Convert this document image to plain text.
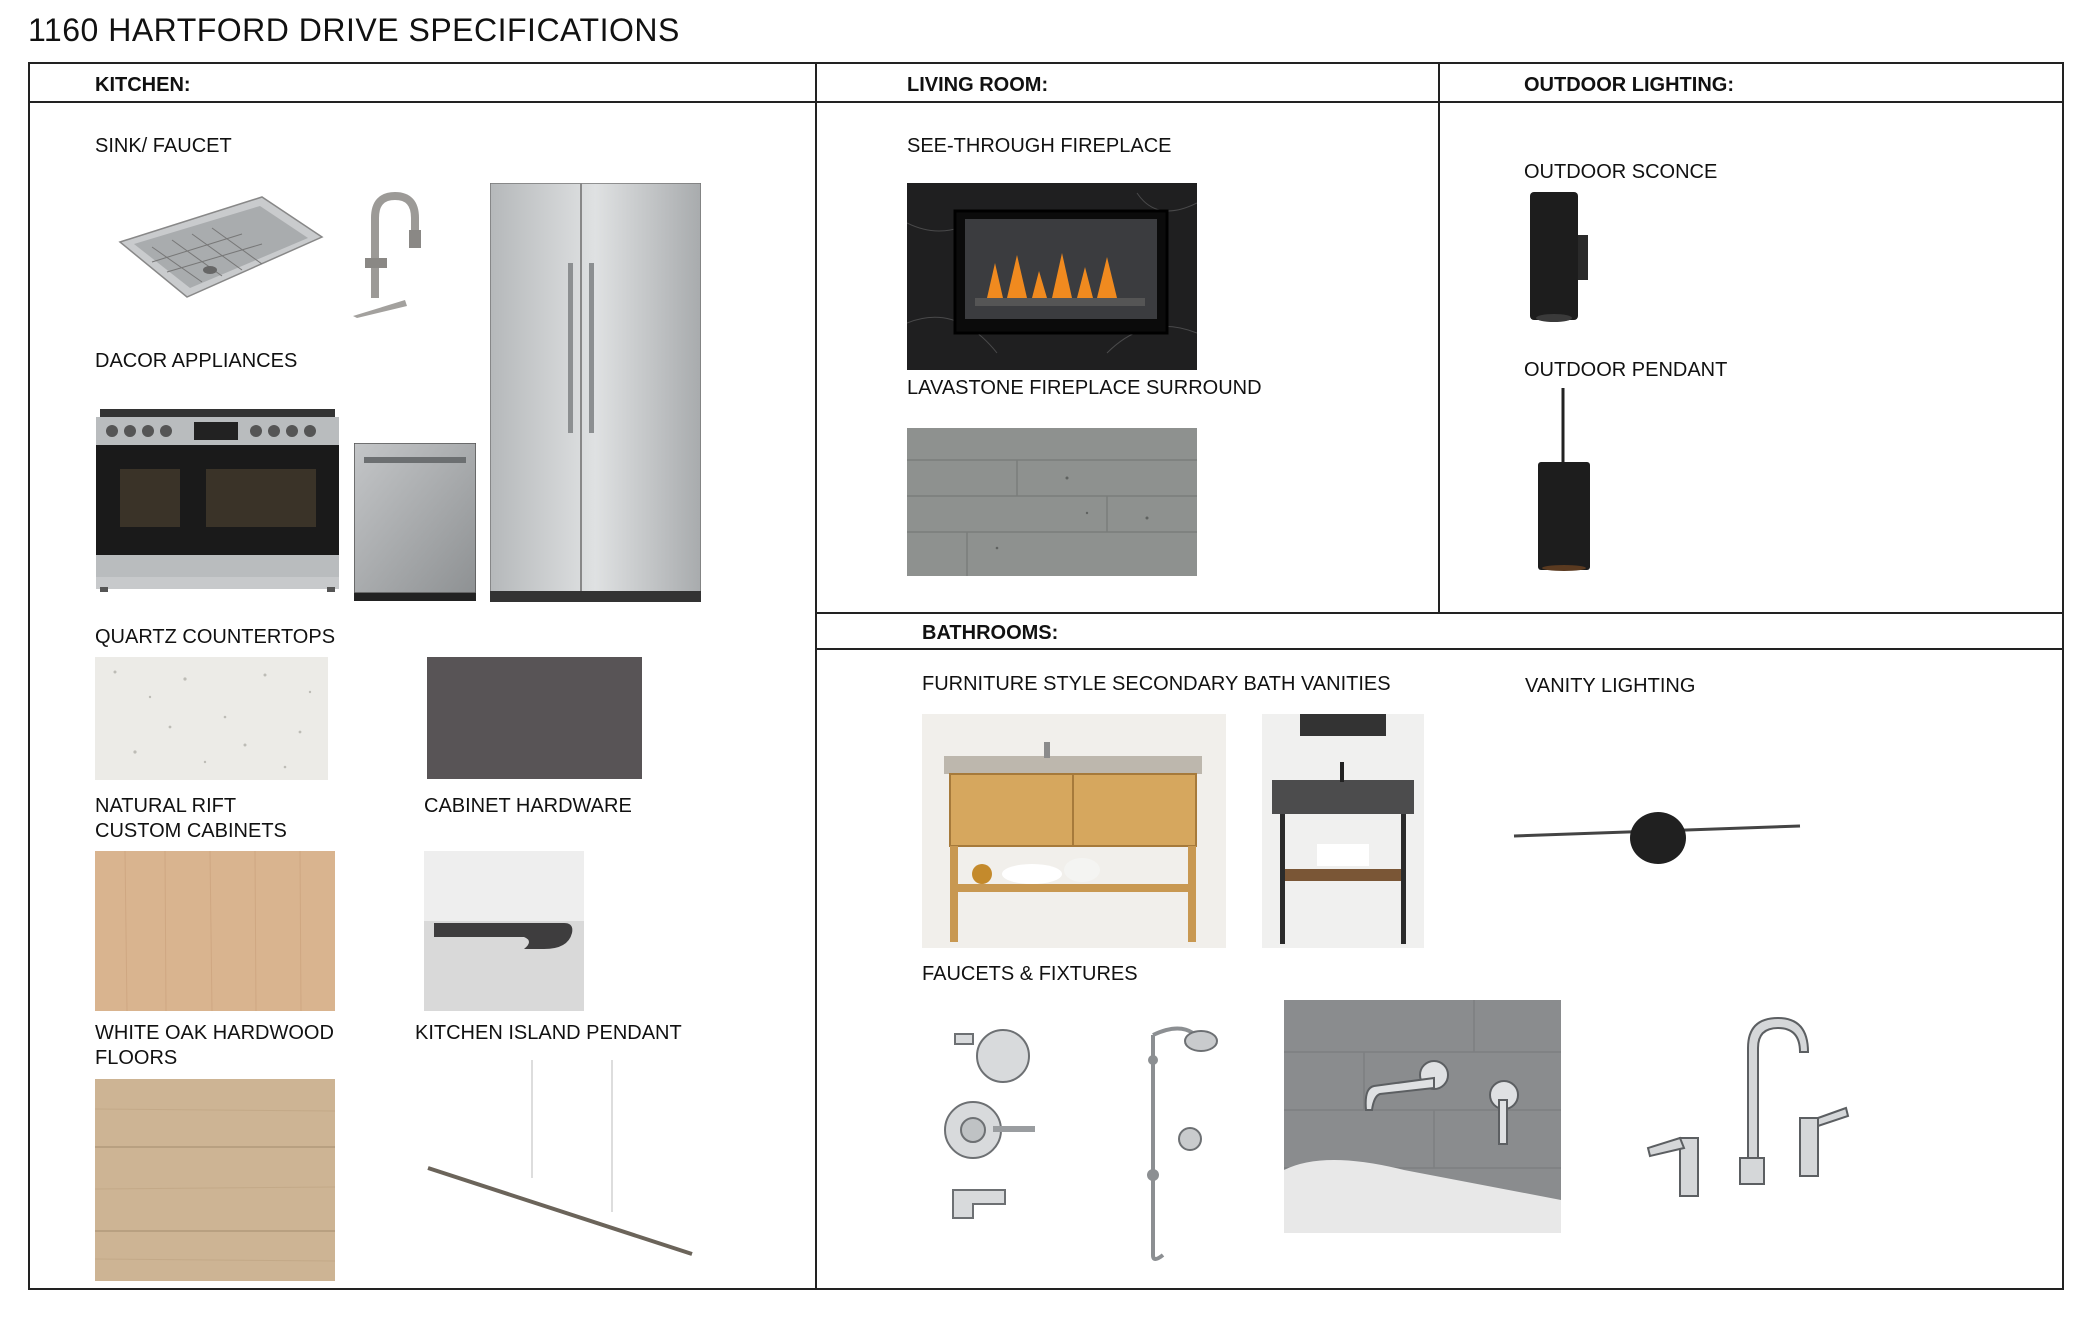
1160 HARTFORD DRIVE SPECIFICATIONS
KITCHEN:	LIVING ROOM:	OUTDOOR LIGHTING:
BATHROOMS:
SINK/ FAUCET
DACOR APPLIANCES
QUARTZ COUNTERTOPS
NATURAL RIFT
CUSTOM CABINETS
CABINET HARDWARE
WHITE OAK HARDWOOD
FLOORS
KITCHEN ISLAND PENDANT
SEE-THROUGH FIREPLACE
LAVASTONE FIREPLACE SURROUND
OUTDOOR SCONCE
OUTDOOR PENDANT
FURNITURE STYLE SECONDARY BATH VANITIES	VANITY LIGHTING
FAUCETS & FIXTURES
